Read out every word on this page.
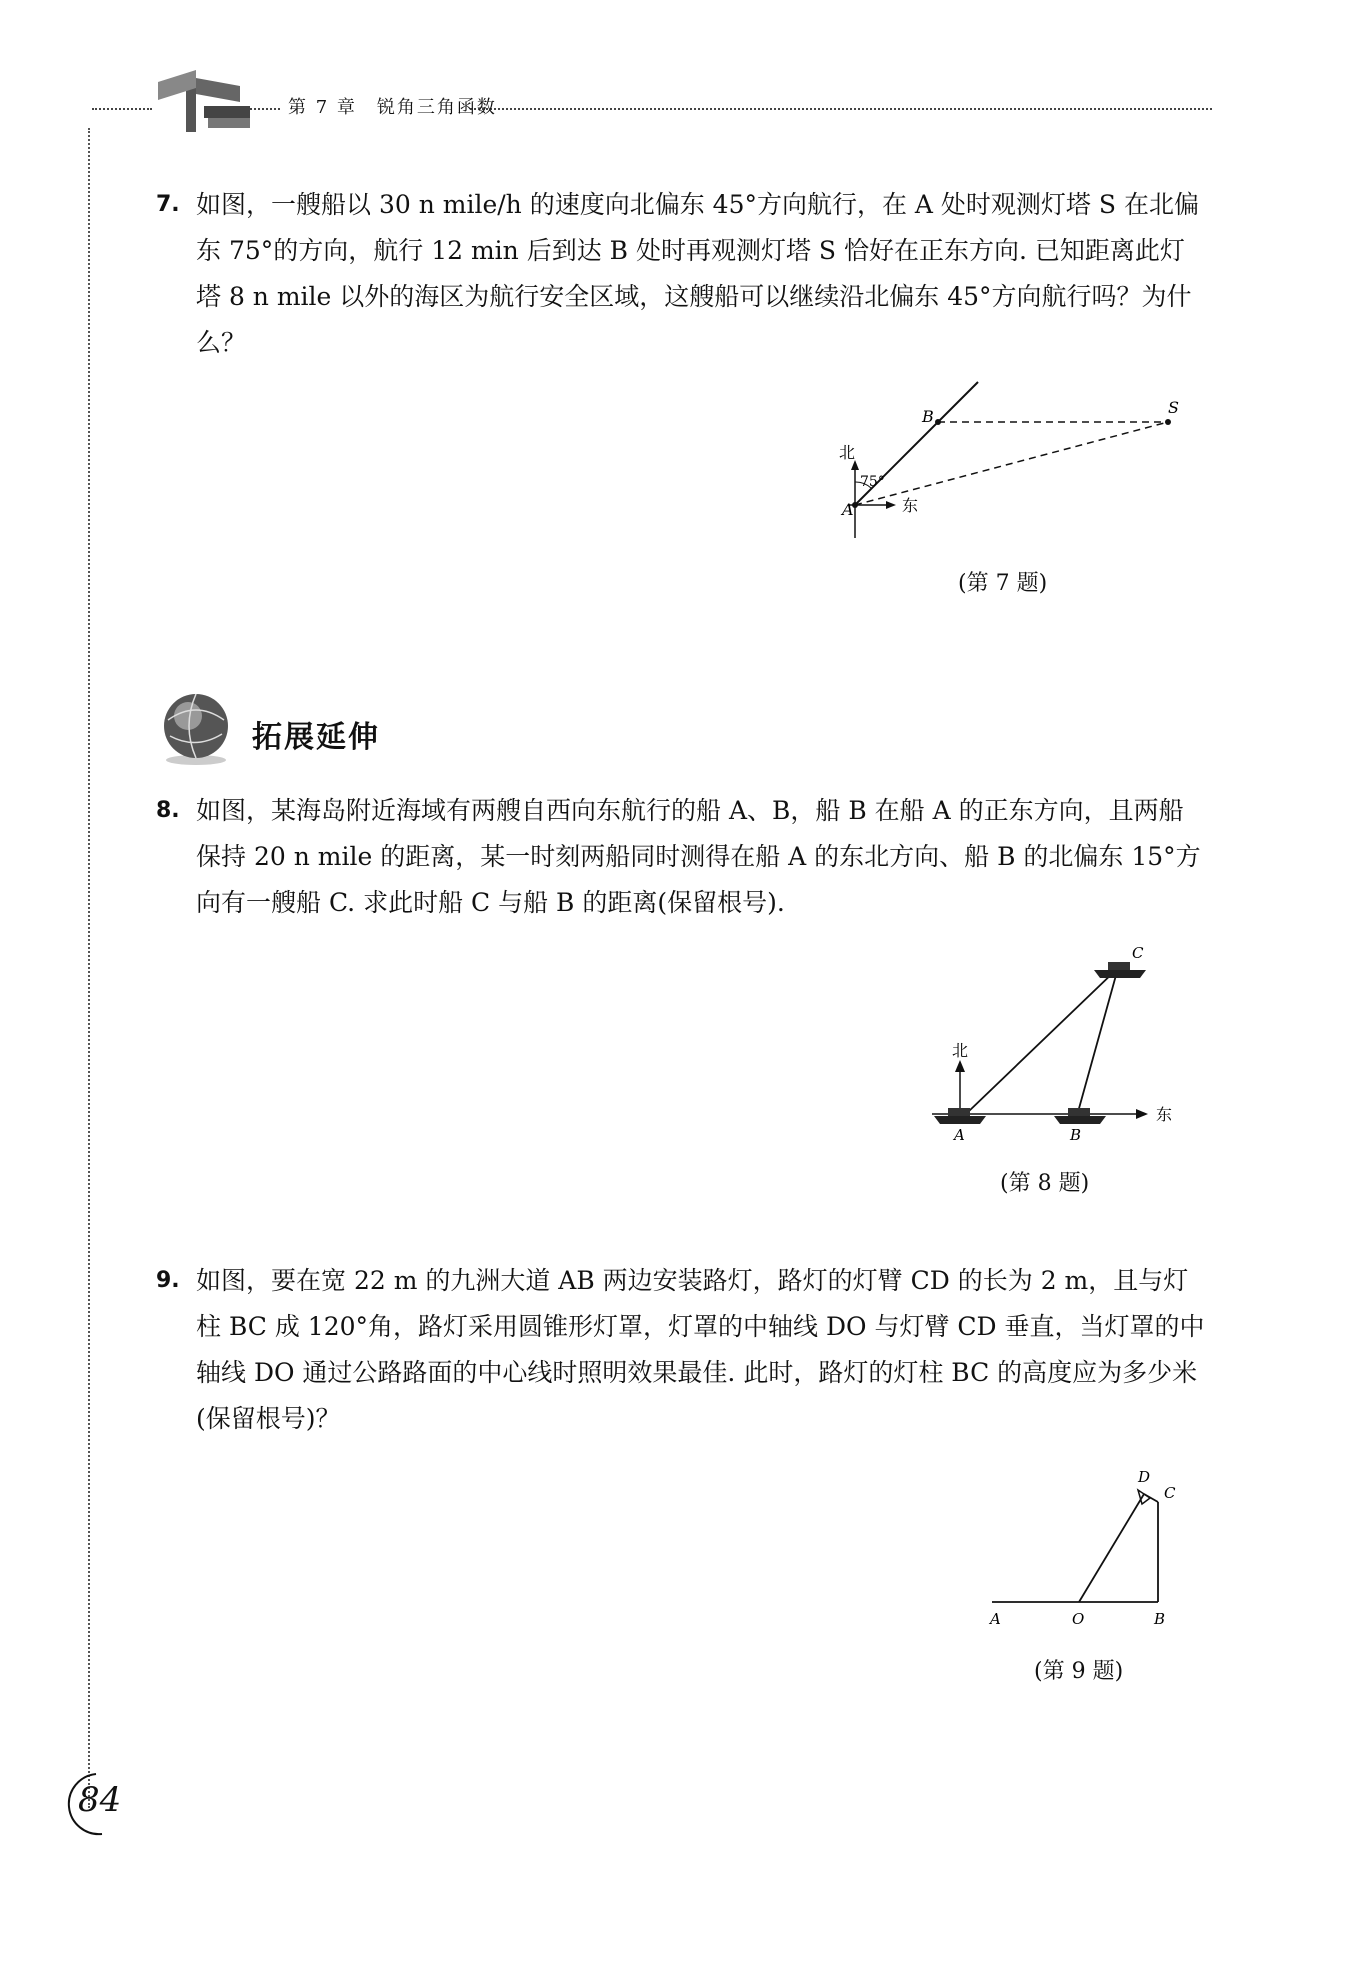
第 7 章　锐角三角函数
7. 如图，一艘船以 30 n mile/h 的速度向北偏东 45°方向航行，在 A 处时观测灯塔 S 在北偏东 75°的方向，航行 12 min 后到达 B 处时再观测灯塔 S 恰好在正东方向. 已知距离此灯塔 8 n mile 以外的海区为航行安全区域，这艘船可以继续沿北偏东 45°方向航行吗？为什么？
北
东
75°
A
B	S
(第 7 题)
拓展延伸
8. 如图，某海岛附近海域有两艘自西向东航行的船 A、B，船 B 在船 A 的正东方向，且两船保持 20 n mile 的距离，某一时刻两船同时测得在船 A 的东北方向、船 B 的北偏东 15°方向有一艘船 C. 求此时船 C 与船 B 的距离(保留根号).
北
东
A	B
C
(第 8 题)
9. 如图，要在宽 22 m 的九洲大道 AB 两边安装路灯，路灯的灯臂 CD 的长为 2 m，且与灯柱 BC 成 120°角，路灯采用圆锥形灯罩，灯罩的中轴线 DO 与灯臂 CD 垂直，当灯罩的中轴线 DO 通过公路路面的中心线时照明效果最佳. 此时，路灯的灯柱 BC 的高度应为多少米(保留根号)？
A	O	B
C
D
(第 9 题)
84
